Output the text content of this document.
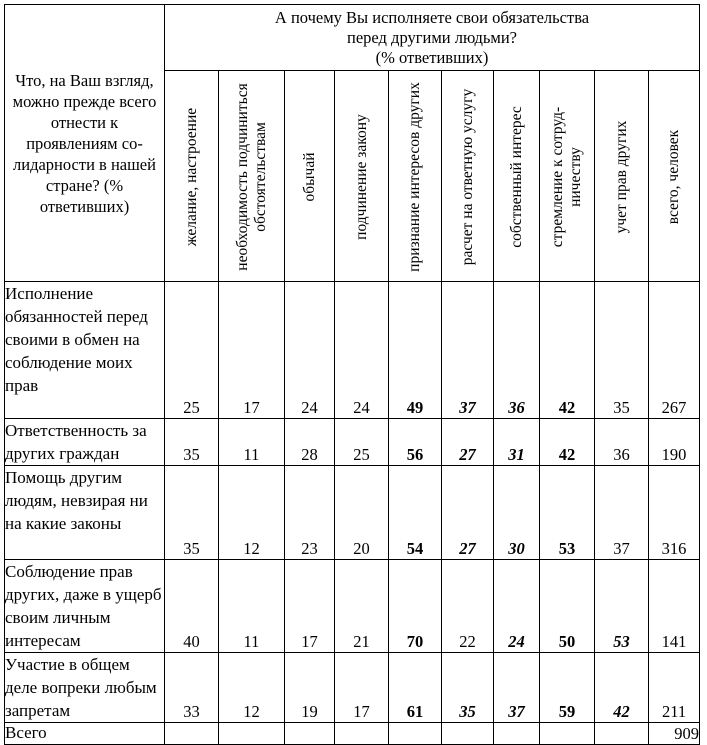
Что, на Ваш взгляд, можно прежде всего отнести к проявлениям со-лидарности в нашей стране? (% ответивших)	А почему Вы исполняете свои обязательства
перед другими людьми?
(% ответивших)									

	желание, настроение	необходимость подчиниться обстоятельствам	обычай	подчинение закону	признание интересов других	расчет на ответную услугу	собственный интерес	стремление к сотруд-ничеству	учет прав других	всего, человек

Исполнение обязанностей перед своими в обмен на соблюдение моих прав	25	17	24	24	49	37	36	42	35	267
Ответственность за других граждан	35	11	28	25	56	27	31	42	36	190
Помощь другим людям, невзирая ни на какие законы	35	12	23	20	54	27	30	53	37	316
Соблюдение прав других, даже в ущерб своим личным интересам	40	11	17	21	70	22	24	50	53	141
Участие в общем деле вопреки любым запретам	33	12	19	17	61	35	37	59	42	211
Всего										909
